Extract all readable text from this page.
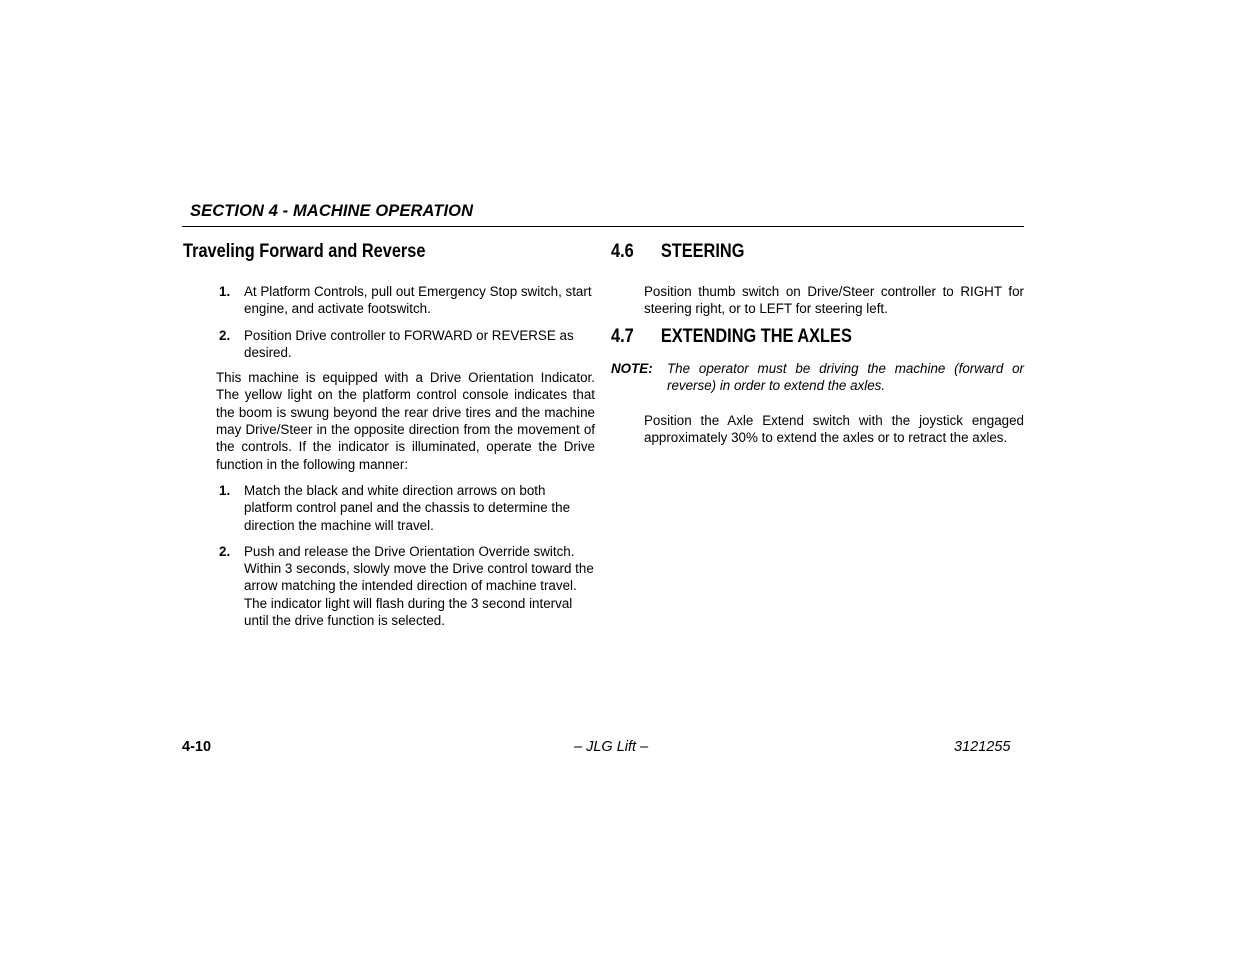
SECTION 4 - MACHINE OPERATION
Traveling Forward and Reverse
1. At Platform Controls, pull out Emergency Stop switch, start engine, and activate footswitch.
2. Position Drive controller to FORWARD or REVERSE as desired.

This machine is equipped with a Drive Orientation Indicator. The yellow light on the platform control console indicates that the boom is swung beyond the rear drive tires and the machine may Drive/Steer in the opposite direction from the movement of the controls. If the indicator is illuminated, operate the Drive function in the following manner:

1. Match the black and white direction arrows on both platform control panel and the chassis to determine the direction the machine will travel.
2. Push and release the Drive Orientation Override switch. Within 3 seconds, slowly move the Drive control toward the arrow matching the intended direction of machine travel. The indicator light will flash during the 3 second interval until the drive function is selected.
4.6 STEERING

Position thumb switch on Drive/Steer controller to RIGHT for steering right, or to LEFT for steering left.

4.7 EXTENDING THE AXLES
NOTE: The operator must be driving the machine (forward or reverse) in order to extend the axles.

Position the Axle Extend switch with the joystick engaged approximately 30% to extend the axles or to retract the axles.

4-10	– JLG Lift –	3121255
